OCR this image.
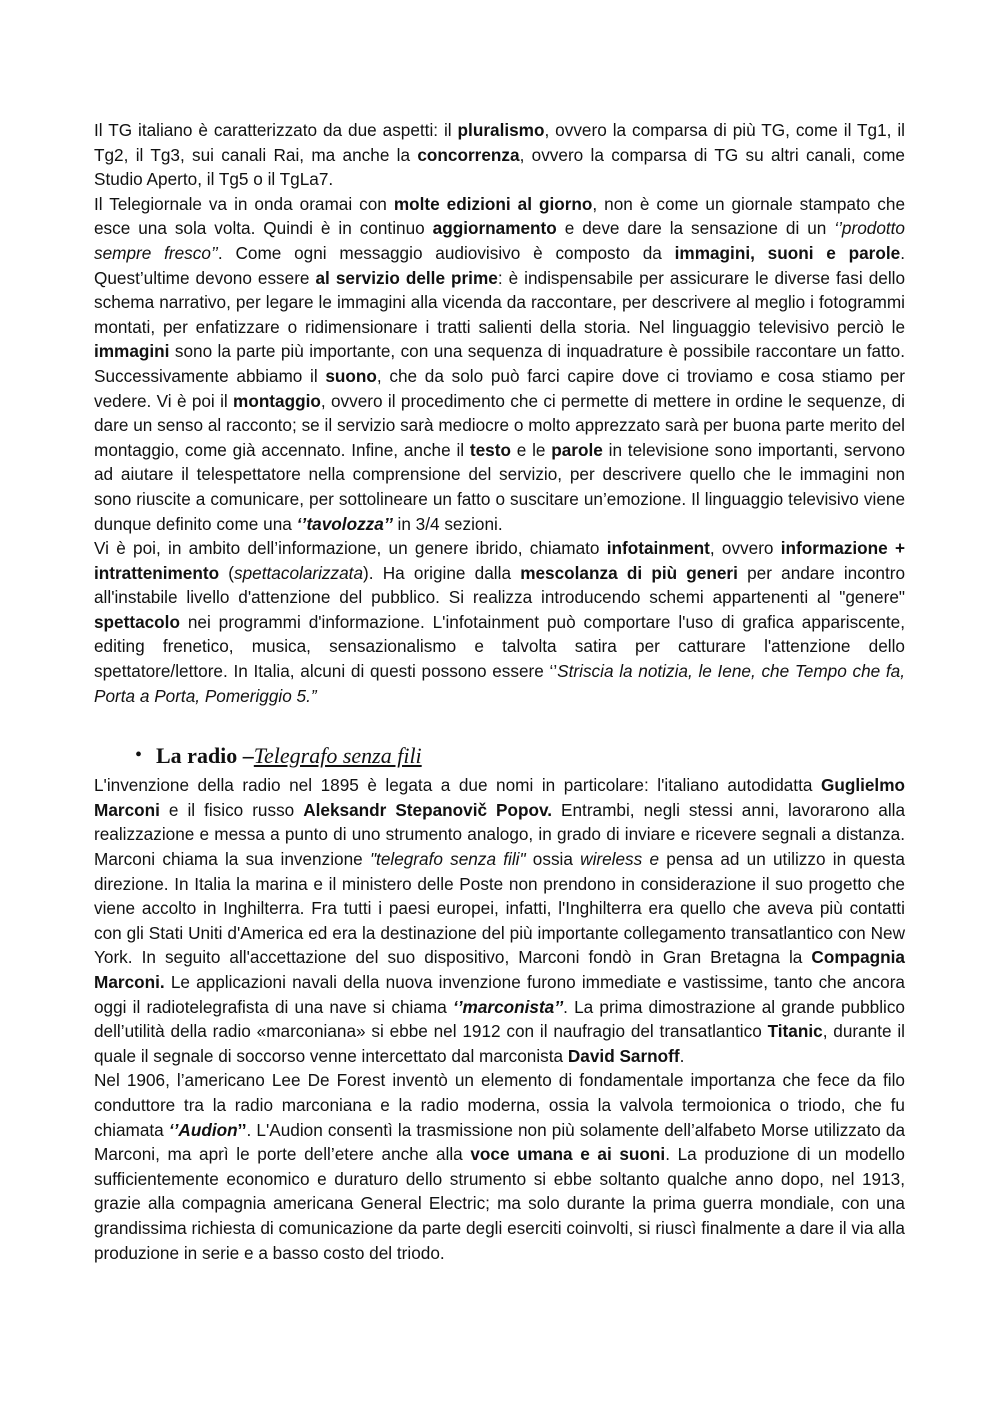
Il TG italiano è caratterizzato da due aspetti: il pluralismo, ovvero la comparsa di più TG, come il Tg1, il Tg2, il Tg3, sui canali Rai, ma anche la concorrenza, ovvero la comparsa di TG su altri canali, come Studio Aperto, il Tg5 o il TgLa7.

Il Telegiornale va in onda oramai con molte edizioni al giorno, non è come un giornale stampato che esce una sola volta. Quindi è in continuo aggiornamento e deve dare la sensazione di un ‘’prodotto sempre fresco’’. Come ogni messaggio audiovisivo è composto da immagini, suoni e parole. Quest’ultime devono essere al servizio delle prime: è indispensabile per assicurare le diverse fasi dello schema narrativo, per legare le immagini alla vicenda da raccontare, per descrivere al meglio i fotogrammi montati, per enfatizzare o ridimensionare i tratti salienti della storia. Nel linguaggio televisivo perciò le immagini sono la parte più importante, con una sequenza di inquadrature è possibile raccontare un fatto. Successivamente abbiamo il suono, che da solo può farci capire dove ci troviamo e cosa stiamo per vedere. Vi è poi il montaggio, ovvero il procedimento che ci permette di mettere in ordine le sequenze, di dare un senso al racconto; se il servizio sarà mediocre o molto apprezzato sarà per buona parte merito del montaggio, come già accennato. Infine, anche il testo e le parole in televisione sono importanti, servono ad aiutare il telespettatore nella comprensione del servizio, per descrivere quello che le immagini non sono riuscite a comunicare, per sottolineare un fatto o suscitare un’emozione. Il linguaggio televisivo viene dunque definito come una ‘’tavolozza’’ in 3/4 sezioni.

Vi è poi, in ambito dell’informazione, un genere ibrido, chiamato infotainment, ovvero informazione + intrattenimento (spettacolarizzata). Ha origine dalla mescolanza di più generi per andare incontro all'instabile livello d'attenzione del pubblico. Si realizza introducendo schemi appartenenti al "genere" spettacolo nei programmi d'informazione. L'infotainment può comportare l'uso di grafica appariscente, editing frenetico, musica, sensazionalismo e talvolta satira per catturare l'attenzione dello spettatore/lettore. In Italia, alcuni di questi possono essere ‘’Striscia la notizia, le Iene, che Tempo che fa, Porta a Porta, Pomeriggio 5.”

• La radio – Telegrafo senza fili

L'invenzione della radio nel 1895 è legata a due nomi in particolare: l'italiano autodidatta Guglielmo Marconi e il fisico russo Aleksandr Stepanovič Popov. Entrambi, negli stessi anni, lavorarono alla realizzazione e messa a punto di uno strumento analogo, in grado di inviare e ricevere segnali a distanza. Marconi chiama la sua invenzione "telegrafo senza fili" ossia wireless e pensa ad un utilizzo in questa direzione. In Italia la marina e il ministero delle Poste non prendono in considerazione il suo progetto che viene accolto in Inghilterra. Fra tutti i paesi europei, infatti, l'Inghilterra era quello che aveva più contatti con gli Stati Uniti d'America ed era la destinazione del più importante collegamento transatlantico con New York. In seguito all'accettazione del suo dispositivo, Marconi fondò in Gran Bretagna la Compagnia Marconi. Le applicazioni navali della nuova invenzione furono immediate e vastissime, tanto che ancora oggi il radiotelegrafista di una nave si chiama ‘’marconista’’. La prima dimostrazione al grande pubblico dell’utilità della radio «marconiana» si ebbe nel 1912 con il naufragio del transatlantico Titanic, durante il quale il segnale di soccorso venne intercettato dal marconista David Sarnoff.

Nel 1906, l’americano Lee De Forest inventò un elemento di fondamentale importanza che fece da filo conduttore tra la radio marconiana e la radio moderna, ossia la valvola termoionica o triodo, che fu chiamata ‘’Audion’’. L'Audion consentì la trasmissione non più solamente dell’alfabeto Morse utilizzato da Marconi, ma aprì le porte dell’etere anche alla voce umana e ai suoni. La produzione di un modello sufficientemente economico e duraturo dello strumento si ebbe soltanto qualche anno dopo, nel 1913, grazie alla compagnia americana General Electric; ma solo durante la prima guerra mondiale, con una grandissima richiesta di comunicazione da parte degli eserciti coinvolti, si riuscì finalmente a dare il via alla produzione in serie e a basso costo del triodo.
